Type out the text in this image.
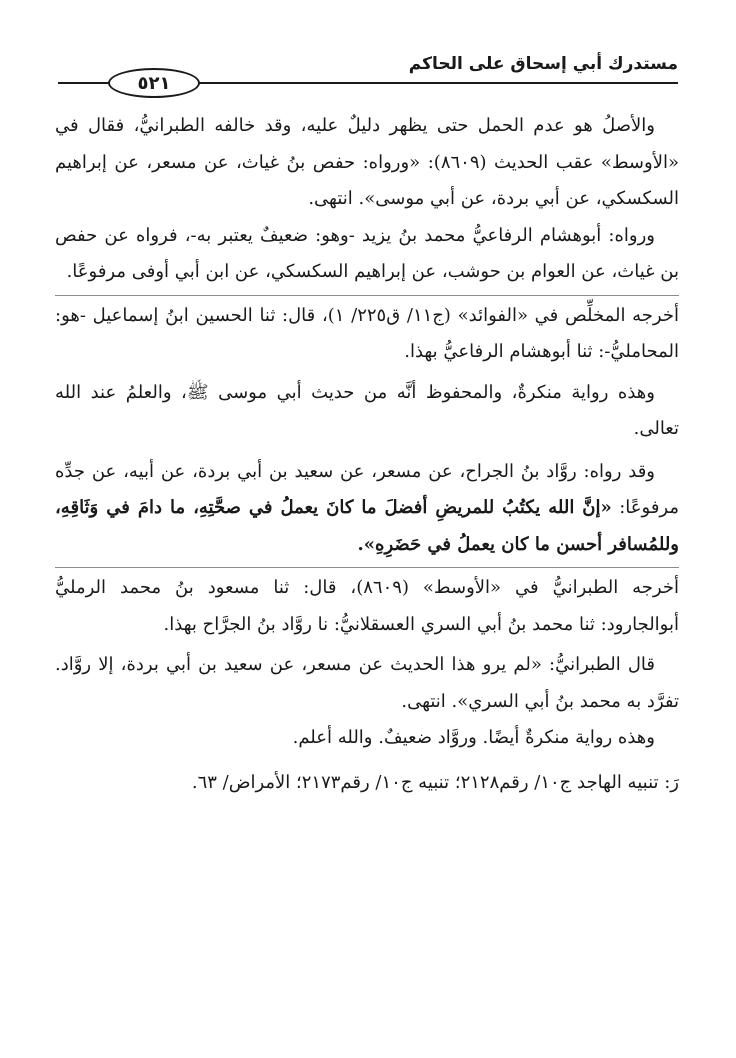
مستدرك أبي إسحاق على الحاكم
٥٢١

والأصلُ هو عدم الحمل حتى يظهر دليلٌ عليه، وقد خالفه الطبرانيُّ، فقال في «الأوسط» عقب الحديث (٨٦٠٩): «ورواه: حفص بنُ غياث، عن مسعر، عن إبراهيم السكسكي، عن أبي بردة، عن أبي موسى». انتهى.

ورواه: أبوهشام الرفاعيُّ محمد بنُ يزيد -وهو: ضعيفٌ يعتبر به-، فرواه عن حفص بن غياث، عن العوام بن حوشب، عن إبراهيم السكسكي، عن ابن أبي أوفى مرفوعًا.

أخرجه المخلِّص في «الفوائد» (ج١١/ ق٢٢٥/ ١)، قال: ثنا الحسين ابنُ إسماعيل -هو: المحامليُّ-: ثنا أبوهشام الرفاعيُّ بهذا.

وهذه رواية منكرةٌ، والمحفوظ أنَّه من حديث أبي موسى ﷺ، والعلمُ عند الله تعالى.

وقد رواه: روَّاد بنُ الجراح، عن مسعر، عن سعيد بن أبي بردة، عن أبيه، عن جدِّه مرفوعًا: «إنَّ الله يكتُبُ للمريضِ أفضلَ ما كانَ يعملُ في صحَّتِهِ، ما دامَ في وَثَاقِهِ، وللمُسافر أحسن ما كان يعملُ في حَضَرِهِ».

أخرجه الطبرانيُّ في «الأوسط» (٨٦٠٩)، قال: ثنا مسعود بنُ محمد الرمليُّ أبوالجارود: ثنا محمد بنُ أبي السري العسقلانيُّ: نا روَّاد بنُ الجرَّاح بهذا.

قال الطبرانيُّ: «لم يرو هذا الحديث عن مسعر، عن سعيد بن أبي بردة، إلا روَّاد. تفرَّد به محمد بنُ أبي السري». انتهى.

وهذه رواية منكرةٌ أيضًا. وروَّاد ضعيفٌ. والله أعلم.

رَ: تنبيه الهاجد ج١٠/ رقم٢١٢٨؛ تنبيه ج١٠/ رقم٢١٧٣؛ الأمراض/ ٦٣.
